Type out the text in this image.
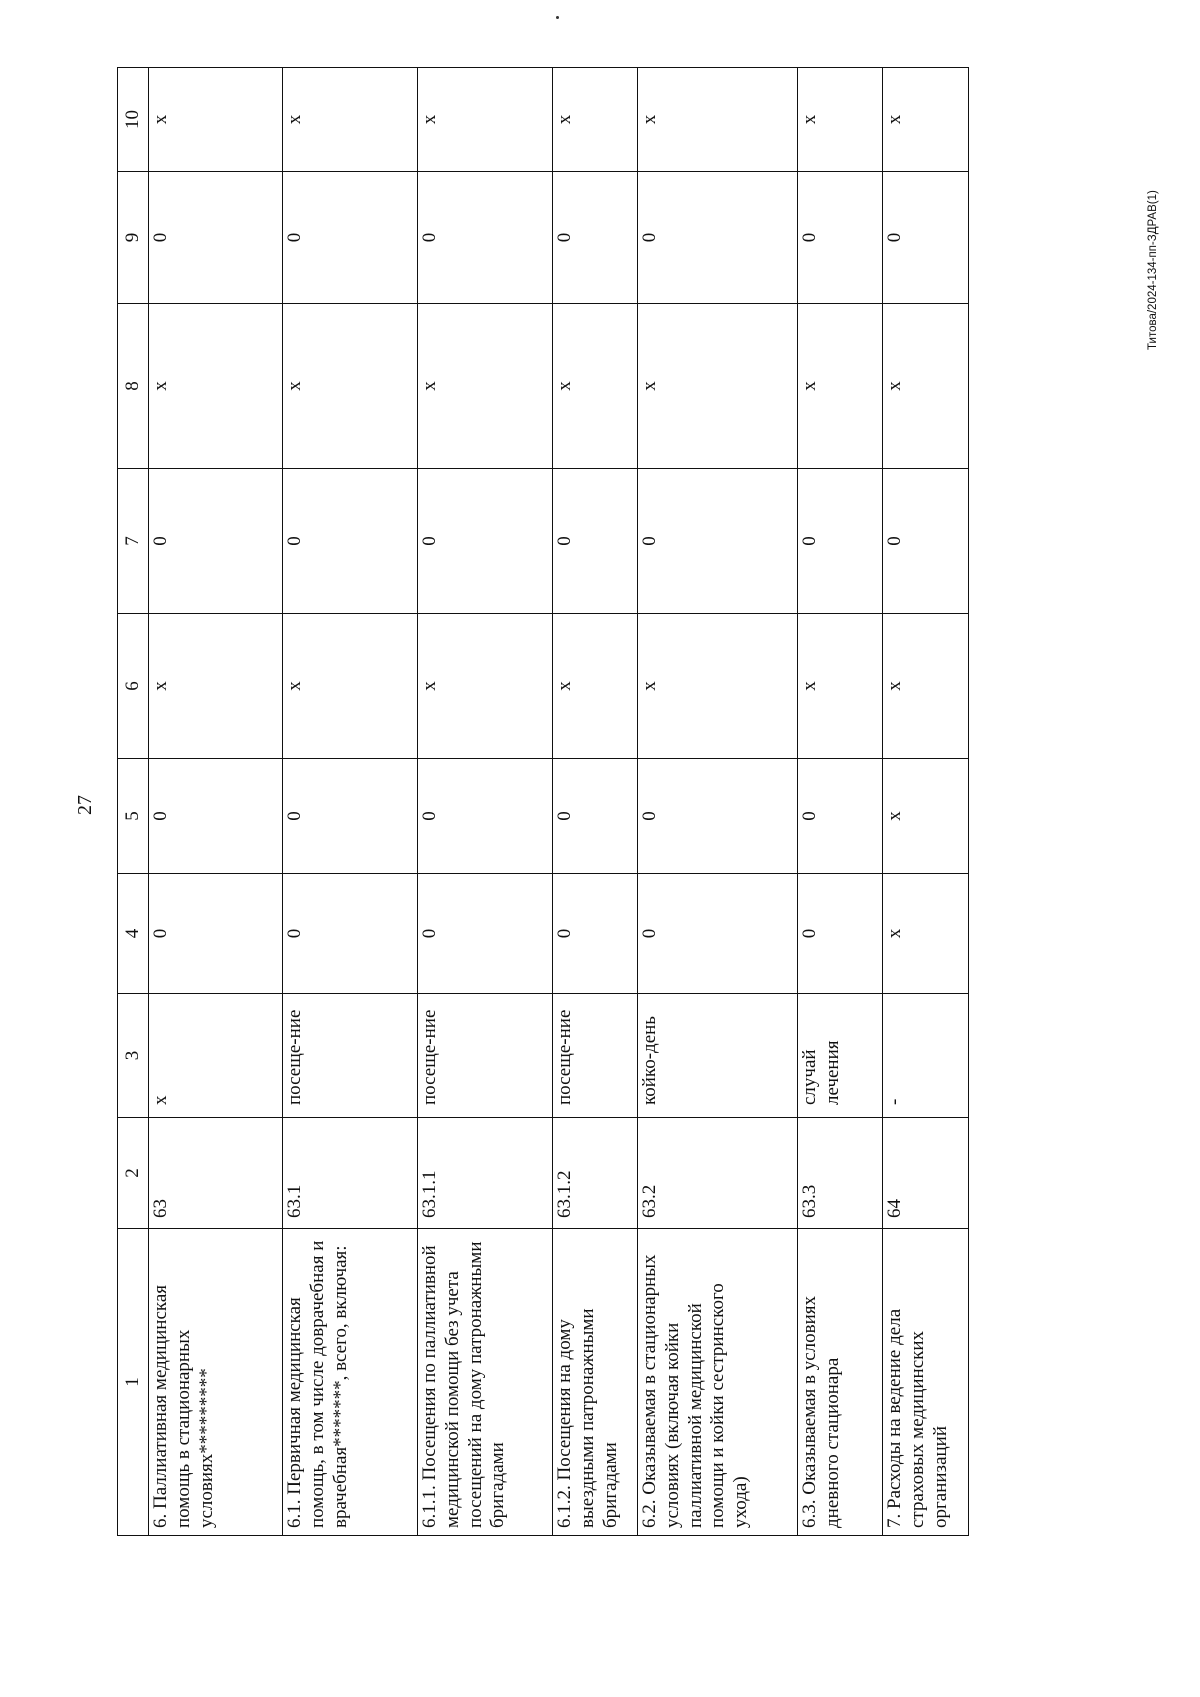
27
Титова/2024-134-пп-ЗДРАВ(1)
1	2	3	4	5	6	7	8	9	10
6. Паллиативная медицинская помощь в стационарных условиях*********	63	x	0	0	x	0	x	0	x
6.1. Первичная медицинская помощь, в том числе доврачебная и врачебная*******, всего, включая:	63.1	посеще-ние	0	0	x	0	x	0	x
6.1.1. Посещения по паллиативной медицинской помощи без учета посещений на дому патронажными бригадами	63.1.1	посеще-ние	0	0	x	0	x	0	x
6.1.2. Посещения на дому выездными патронажными бригадами	63.1.2	посеще-ние	0	0	x	0	x	0	x
6.2. Оказываемая в стационарных условиях (включая койки паллиативной медицинской помощи и койки сестринского ухода)	63.2	койко-день	0	0	x	0	x	0	x
6.3. Оказываемая в условиях дневного стационара	63.3	случай лечения	0	0	x	0	x	0	x
7. Расходы на ведение дела страховых медицинских организаций	64	-	x	x	x	0	x	0	x
